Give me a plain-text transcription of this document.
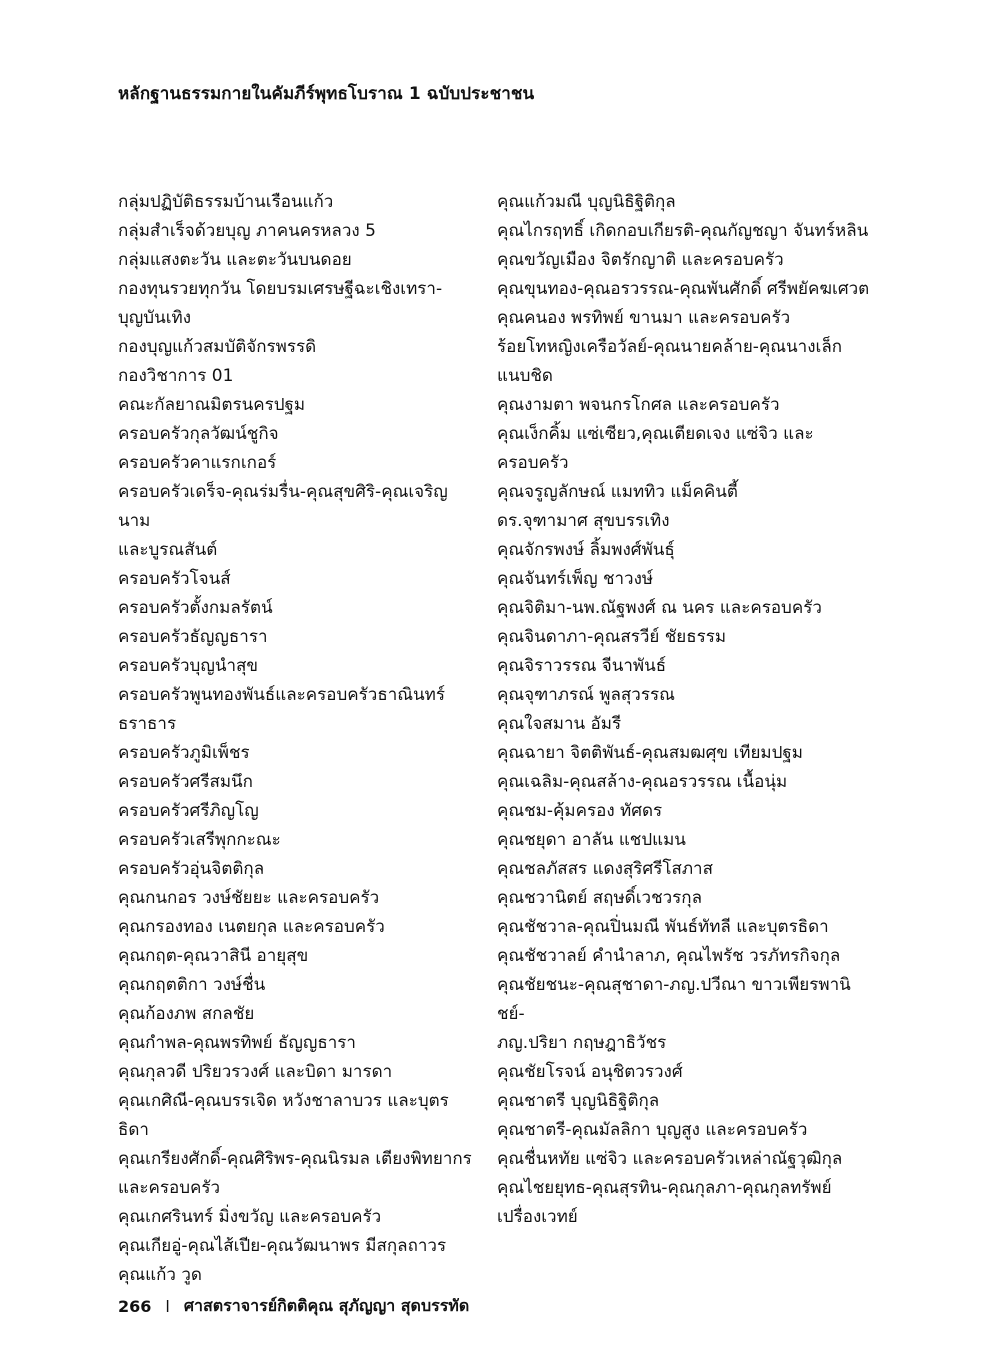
หลักฐานธรรมกายในคัมภีร์พุทธโบราณ 1 ฉบับประชาชน
กลุ่มปฏิบัติธรรมบ้านเรือนแก้ว
กลุ่มสำเร็จด้วยบุญ ภาคนครหลวง 5
กลุ่มแสงตะวัน และตะวันบนดอย
กองทุนรวยทุกวัน โดยบรมเศรษฐีฉะเชิงเทรา-
บุญบันเทิง
กองบุญแก้วสมบัติจักรพรรดิ
กองวิชาการ 01
คณะกัลยาณมิตรนครปฐม
ครอบครัวกุลวัฒน์ชูกิจ
ครอบครัวคาแรกเกอร์
ครอบครัวเดร็จ-คุณร่มรื่น-คุณสุขศิริ-คุณเจริญนาม
และบูรณสันต์
ครอบครัวโจนส์
ครอบครัวตั้งกมลรัตน์
ครอบครัวธัญญธารา
ครอบครัวบุญนำสุข
ครอบครัวพูนทองพันธ์และครอบครัวธาณินทร์ธราธาร
ครอบครัวภูมิเพ็ชร
ครอบครัวศรีสมนึก
ครอบครัวศรีภิญโญ
ครอบครัวเสรีพุกกะณะ
ครอบครัวอุ่นจิตติกุล
คุณกนกอร วงษ์ชัยยะ และครอบครัว
คุณกรองทอง เนตยกุล และครอบครัว
คุณกฤต-คุณวาสินี อายุสุข
คุณกฤตติกา วงษ์ชื่น
คุณก้องภพ สกลชัย
คุณกำพล-คุณพรทิพย์ ธัญญธารา
คุณกุลวดี ปริยวรวงศ์ และบิดา มารดา
คุณเกศิณี-คุณบรรเจิด หวังชาลาบวร และบุตรธิดา
คุณเกรียงศักดิ์-คุณศิริพร-คุณนิรมล เตียงพิทยากร
และครอบครัว
คุณเกศรินทร์ มิ่งขวัญ และครอบครัว
คุณเกียอู่-คุณไส้เปีย-คุณวัฒนาพร มีสกุลถาวร
คุณแก้ว วูด
คุณแก้วมณี บุญนิธิฐิติกุล
คุณไกรฤทธิ์ เกิดกอบเกียรติ-คุณกัญชญา จันทร์หลิน
คุณขวัญเมือง จิตรักญาติ และครอบครัว
คุณขุนทอง-คุณอรวรรณ-คุณพันศักดิ์ ศรีพยัคฆเศวต
คุณคนอง พรทิพย์ ขานมา และครอบครัว
ร้อยโทหญิงเครือวัลย์-คุณนายคล้าย-คุณนางเล็ก
แนบชิด
คุณงามตา พจนกรโกศล และครอบครัว
คุณเง็กคิ้ม แซ่เซียว,คุณเตียดเจง แซ่จิว และครอบครัว
คุณจรูญลักษณ์ แมททิว แม็คคินตี้
ดร.จุฑามาศ สุขบรรเทิง
คุณจักรพงษ์ ลิ้มพงศ์พันธุ์
คุณจันทร์เพ็ญ ชาวงษ์
คุณจิติมา-นพ.ณัฐพงศ์ ณ นคร และครอบครัว
คุณจินดาภา-คุณสรวีย์ ชัยธรรม
คุณจิราวรรณ จีนาพันธ์
คุณจุฑาภรณ์ พูลสุวรรณ
คุณใจสมาน อัมรี
คุณฉายา จิตติพันธ์-คุณสมฒศุข เทียมปฐม
คุณเฉลิม-คุณสล้าง-คุณอรวรรณ เนื้อนุ่ม
คุณชม-คุ้มครอง ทัศดร
คุณชยุดา อาลัน แชปแมน
คุณชลภัสสร แดงสุริศรีโสภาส
คุณชวานิตย์ สฤษดิ์เวชวรกุล
คุณชัชวาล-คุณปิ่นมณี พันธ์ทัทลี และบุตรธิดา
คุณชัชวาลย์ คำนำลาภ, คุณไพรัช วรภัทรกิจกุล
คุณชัยชนะ-คุณสุชาดา-ภญ.ปวีณา ขาวเพียรพานิชย์-
ภญ.ปริยา กฤษฎาธิวัชร
คุณชัยโรจน์ อนุชิตวรวงศ์
คุณชาตรี บุญนิธิฐิติกุล
คุณชาตรี-คุณมัลลิกา บุญสูง และครอบครัว
คุณชื่นหทัย แซ่จิว และครอบครัวเหล่าณัฐวุฒิกุล
คุณไชยยุทธ-คุณสุรทิน-คุณกุลภา-คุณกุลทรัพย์
เปรื่องเวทย์
266 l ศาสตราจารย์กิตติคุณ สุภัญญา สุดบรรทัด
